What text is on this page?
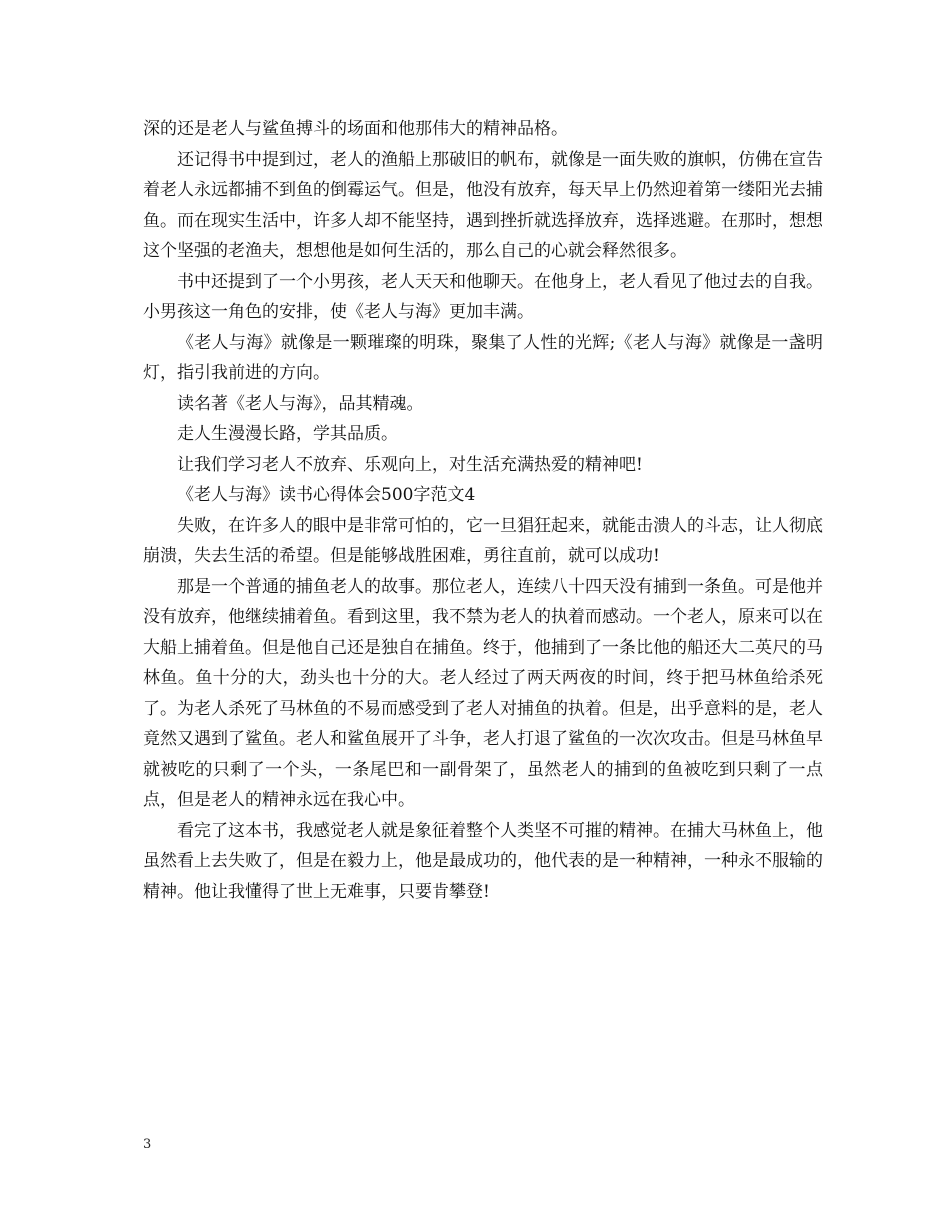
深的还是老人与鲨鱼搏斗的场面和他那伟大的精神品格。

还记得书中提到过，老人的渔船上那破旧的帆布，就像是一面失败的旗帜，仿佛在宣告着老人永远都捕不到鱼的倒霉运气。但是，他没有放弃，每天早上仍然迎着第一缕阳光去捕鱼。而在现实生活中，许多人却不能坚持，遇到挫折就选择放弃，选择逃避。在那时，想想这个坚强的老渔夫，想想他是如何生活的，那么自己的心就会释然很多。

书中还提到了一个小男孩，老人天天和他聊天。在他身上，老人看见了他过去的自我。小男孩这一角色的安排，使《老人与海》更加丰满。

《老人与海》就像是一颗璀璨的明珠，聚集了人性的光辉;《老人与海》就像是一盏明灯，指引我前进的方向。

读名著《老人与海》，品其精魂。

走人生漫漫长路，学其品质。

让我们学习老人不放弃、乐观向上，对生活充满热爱的精神吧!

《老人与海》读书心得体会500字范文4

失败，在许多人的眼中是非常可怕的，它一旦猖狂起来，就能击溃人的斗志，让人彻底崩溃，失去生活的希望。但是能够战胜困难，勇往直前，就可以成功!

那是一个普通的捕鱼老人的故事。那位老人，连续八十四天没有捕到一条鱼。可是他并没有放弃，他继续捕着鱼。看到这里，我不禁为老人的执着而感动。一个老人，原来可以在大船上捕着鱼。但是他自己还是独自在捕鱼。终于，他捕到了一条比他的船还大二英尺的马林鱼。鱼十分的大，劲头也十分的大。老人经过了两天两夜的时间，终于把马林鱼给杀死了。为老人杀死了马林鱼的不易而感受到了老人对捕鱼的执着。但是，出乎意料的是，老人竟然又遇到了鲨鱼。老人和鲨鱼展开了斗争，老人打退了鲨鱼的一次次攻击。但是马林鱼早就被吃的只剩了一个头，一条尾巴和一副骨架了，虽然老人的捕到的鱼被吃到只剩了一点点，但是老人的精神永远在我心中。

看完了这本书，我感觉老人就是象征着整个人类坚不可摧的精神。在捕大马林鱼上，他虽然看上去失败了，但是在毅力上，他是最成功的，他代表的是一种精神，一种永不服输的精神。他让我懂得了世上无难事，只要肯攀登!

3
